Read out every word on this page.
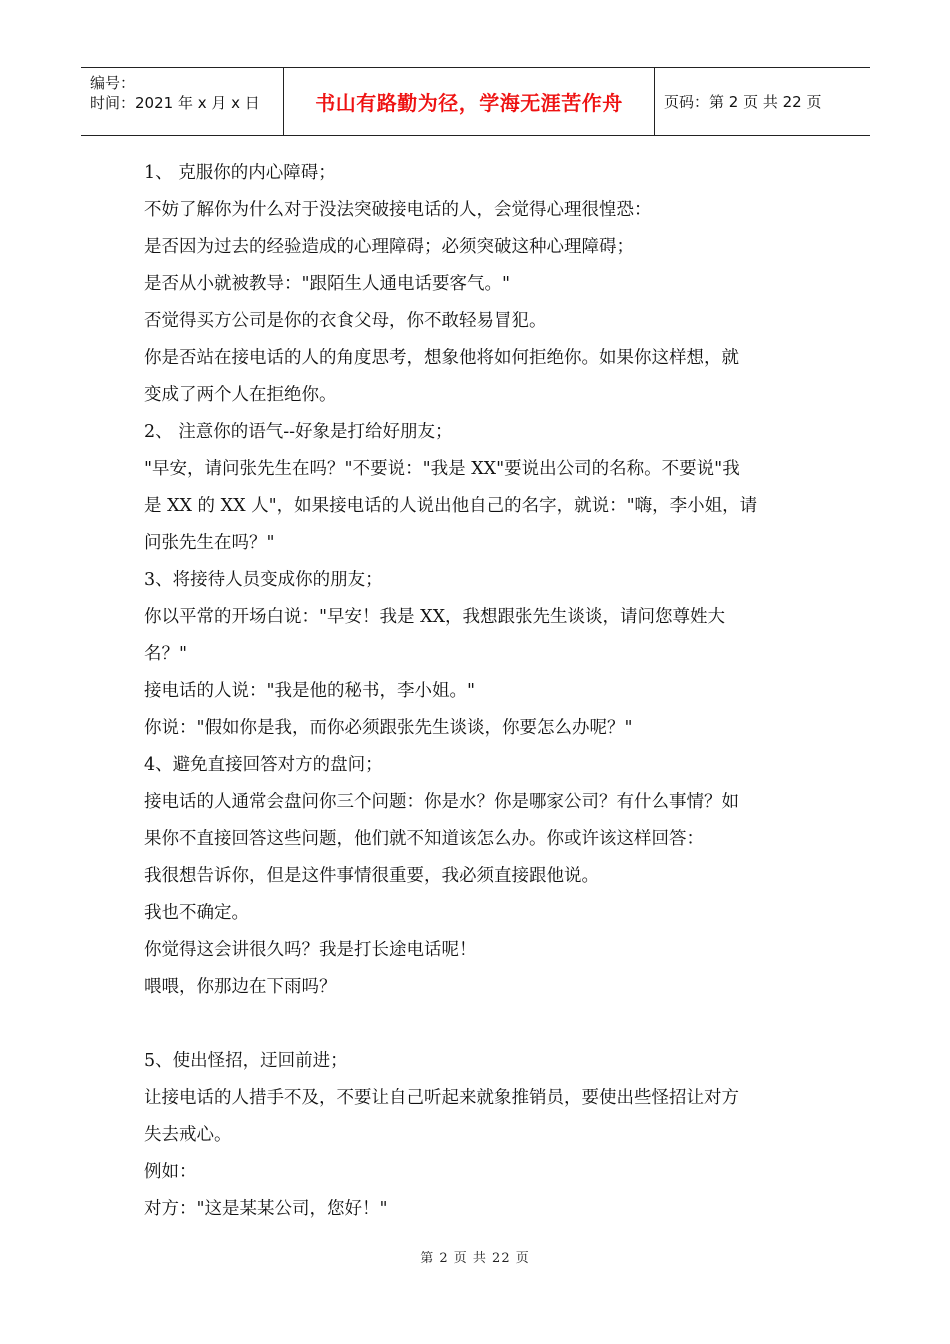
编号：
时间：2021 年 x 月 x 日	书山有路勤为径，学海无涯苦作舟	页码：第 2 页 共 22 页
1、 克服你的内心障碍；
不妨了解你为什么对于没法突破接电话的人，会觉得心理很惶恐：
是否因为过去的经验造成的心理障碍；必须突破这种心理障碍；
是否从小就被教导："跟陌生人通电话要客气。"
否觉得买方公司是你的衣食父母，你不敢轻易冒犯。
你是否站在接电话的人的角度思考，想象他将如何拒绝你。如果你这样想，就
变成了两个人在拒绝你。
2、 注意你的语气--好象是打给好朋友；
"早安，请问张先生在吗？"不要说："我是 XX"要说出公司的名称。不要说"我
是 XX 的 XX 人"，如果接电话的人说出他自己的名字，就说："嗨，李小姐，请
问张先生在吗？"
3、将接待人员变成你的朋友；
你以平常的开场白说："早安！我是 XX，我想跟张先生谈谈，请问您尊姓大
名？"
接电话的人说："我是他的秘书，李小姐。"
你说："假如你是我，而你必须跟张先生谈谈，你要怎么办呢？"
4、避免直接回答对方的盘问；
接电话的人通常会盘问你三个问题：你是水？你是哪家公司？有什么事情？如
果你不直接回答这些问题，他们就不知道该怎么办。你或许该这样回答：
我很想告诉你，但是这件事情很重要，我必须直接跟他说。
我也不确定。
你觉得这会讲很久吗？我是打长途电话呢！
喂喂，你那边在下雨吗？
5、使出怪招，迂回前进；
让接电话的人措手不及，不要让自己听起来就象推销员，要使出些怪招让对方
失去戒心。
例如：
对方："这是某某公司，您好！"
第 2 页 共 22 页
